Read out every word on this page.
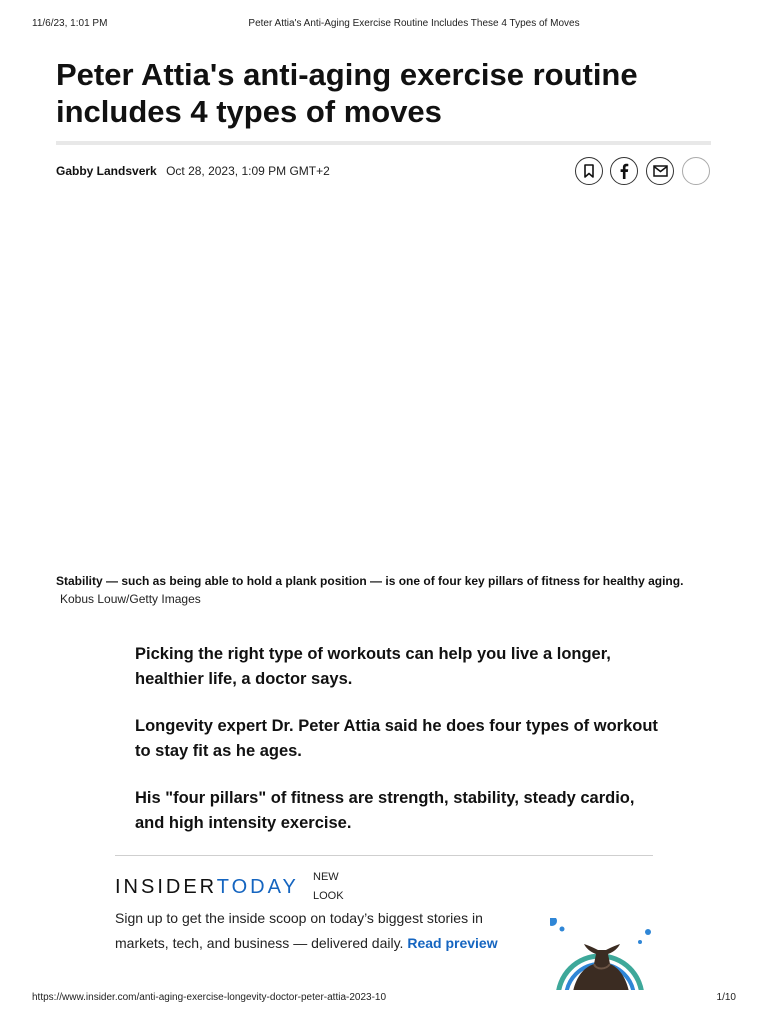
11/6/23, 1:01 PM	Peter Attia's Anti-Aging Exercise Routine Includes These 4 Types of Moves
Peter Attia's anti-aging exercise routine includes 4 types of moves
Gabby Landsverk Oct 28, 2023, 1:09 PM GMT+2
Stability — such as being able to hold a plank position — is one of four key pillars of fitness for healthy aging. Kobus Louw/Getty Images

Picking the right type of workouts can help you live a longer, healthier life, a doctor says.

Longevity expert Dr. Peter Attia said he does four types of workout to stay fit as he ages.

His "four pillars" of fitness are strength, stability, steady cardio, and high intensity exercise.

INSIDERTODAY NEW
LOOK
Sign up to get the inside scoop on today’s biggest stories in markets, tech, and business — delivered daily. Read preview
https://www.insider.com/anti-aging-exercise-longevity-doctor-peter-attia-2023-10	1/10
